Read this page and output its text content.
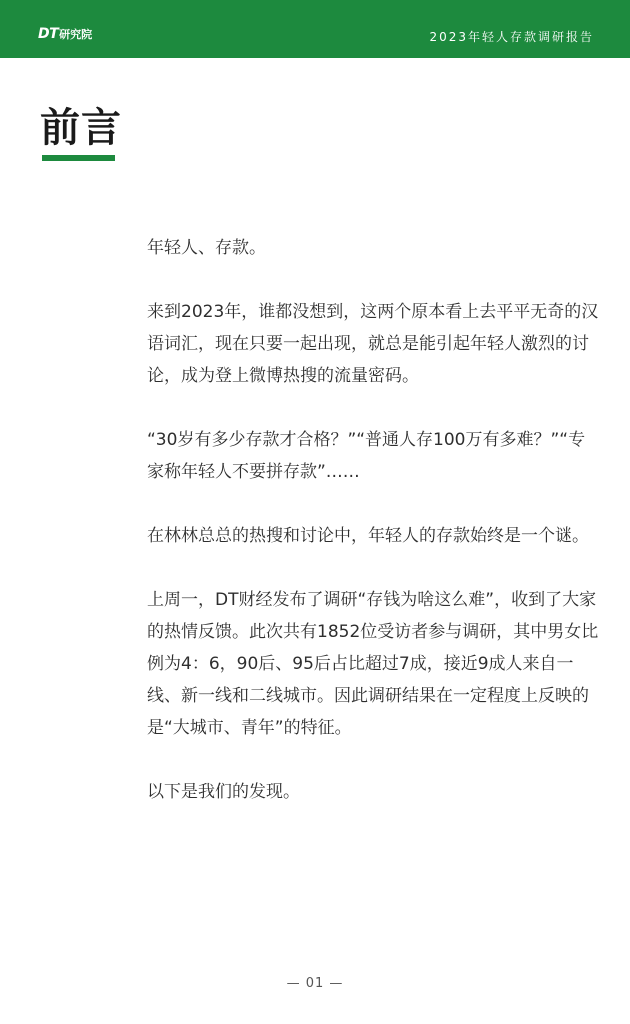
DT 研究院	2023年轻人存款调研报告
前言

年轻人、存款。

来到2023年，谁都没想到，这两个原本看上去平平无奇的汉语词汇，现在只要一起出现，就总是能引起年轻人激烈的讨论，成为登上微博热搜的流量密码。

“30岁有多少存款才合格？”“普通人存100万有多难？”“专家称年轻人不要拼存款”……

在林林总总的热搜和讨论中，年轻人的存款始终是一个谜。

上周一，DT财经发布了调研“存钱为啥这么难”，收到了大家的热情反馈。此次共有1852位受访者参与调研，其中男女比例为4：6，90后、95后占比超过7成，接近9成人来自一线、新一线和二线城市。因此调研结果在一定程度上反映的是“大城市、青年”的特征。

以下是我们的发现。

— 01 —
